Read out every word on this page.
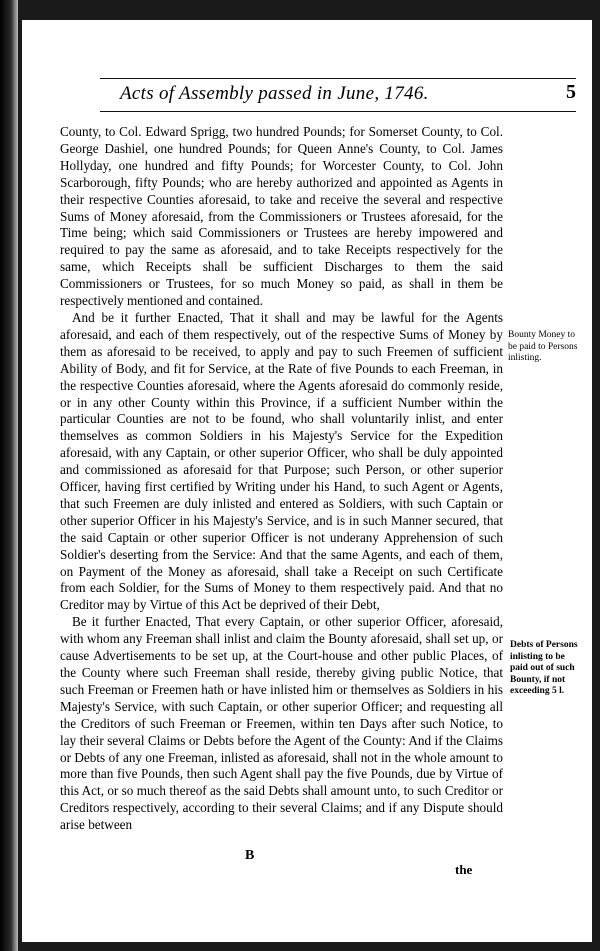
Acts of Assembly passed in June, 1746.	5

County, to Col. Edward Sprigg, two hundred Pounds; for Somerset County, to Col. George Dashiel, one hundred Pounds; for Queen Anne's County, to Col. James Hollyday, one hundred and fifty Pounds; for Worcester County, to Col. John Scarborough, fifty Pounds; who are hereby authorized and appointed as Agents in their respective Counties aforesaid, to take and receive the several and respective Sums of Money aforesaid, from the Commissioners or Trustees aforesaid, for the Time being; which said Commissioners or Trustees are hereby impowered and required to pay the same as aforesaid, and to take Receipts respectively for the same, which Receipts shall be sufficient Discharges to them the said Commissioners or Trustees, for so much Money so paid, as shall in them be respectively mentioned and contained.

And be it further Enacted, That it shall and may be lawful for the Agents aforesaid, and each of them respectively, out of the respective Sums of Money by them as aforesaid to be received, to apply and pay to such Freemen of sufficient Ability of Body, and fit for Service, at the Rate of five Pounds to each Freeman, in the respective Counties aforesaid, where the Agents aforesaid do commonly reside, or in any other County within this Province, if a sufficient Number within the particular Counties are not to be found, who shall voluntarily inlist, and enter themselves as common Soldiers in his Majesty's Service for the Expedition aforesaid, with any Captain, or other superior Officer, who shall be duly appointed and commissioned as aforesaid for that Purpose; such Person, or other superior Officer, having first certified by Writing under his Hand, to such Agent or Agents, that such Freemen are duly inlisted and entered as Soldiers, with such Captain or other superior Officer in his Majesty's Service, and is in such Manner secured, that the said Captain or other superior Officer is not underany Apprehension of such Soldier's deserting from the Service: And that the same Agents, and each of them, on Payment of the Money as aforesaid, shall take a Receipt on such Certificate from each Soldier, for the Sums of Money to them respectively paid. And that no Creditor may by Virtue of this Act be deprived of their Debt,

Be it further Enacted, That every Captain, or other superior Officer, aforesaid, with whom any Freeman shall inlist and claim the Bounty aforesaid, shall set up, or cause Advertisements to be set up, at the Court-house and other public Places, of the County where such Freeman shall reside, thereby giving public Notice, that such Freeman or Freemen hath or have inlisted him or themselves as Soldiers in his Majesty's Service, with such Captain, or other superior Officer; and requesting all the Creditors of such Freeman or Freemen, within ten Days after such Notice, to lay their several Claims or Debts before the Agent of the County: And if the Claims or Debts of any one Freeman, inlisted as aforesaid, shall not in the whole amount to more than five Pounds, then such Agent shall pay the five Pounds, due by Virtue of this Act, or so much thereof as the said Debts shall amount unto, to such Creditor or Creditors respectively, according to their several Claims; and if any Dispute should arise between

Bounty Money to be paid to Persons inlisting.
Debts of Persons inlisting to be paid out of such Bounty, if not exceeding 5 l.
B
the
